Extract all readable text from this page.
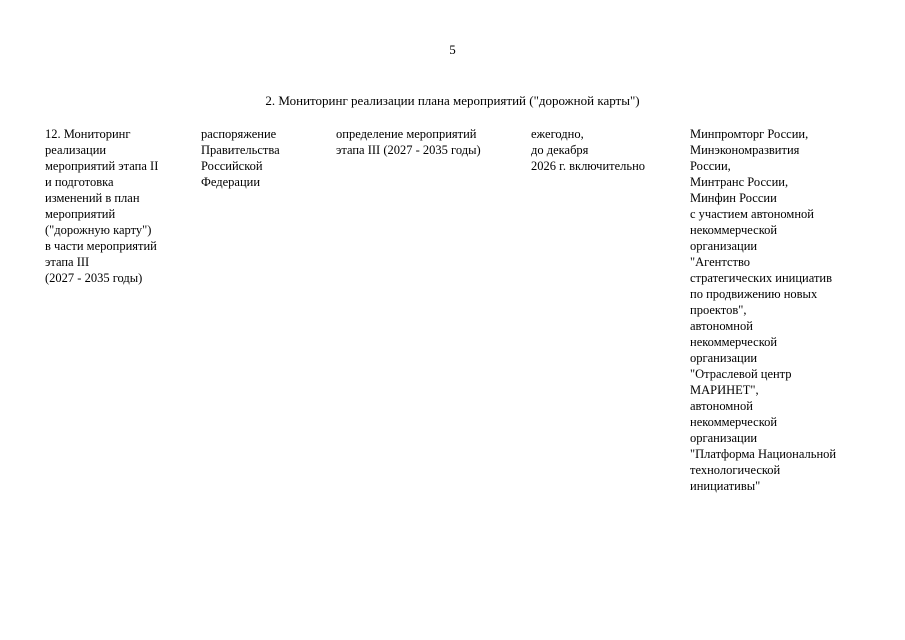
5
2. Мониторинг реализации плана мероприятий ("дорожной карты")
12. Мониторинг
реализации
мероприятий этапа II
и подготовка
изменений в план
мероприятий
("дорожную карту")
в части мероприятий
этапа III
(2027 - 2035 годы)
распоряжение
Правительства
Российской
Федерации
определение мероприятий
этапа III (2027 - 2035 годы)
ежегодно,
до декабря
2026 г. включительно
Минпромторг России,
Минэкономразвития
России,
Минтранс России,
Минфин России
с участием автономной
некоммерческой
организации
"Агентство
стратегических инициатив
по продвижению новых
проектов",
автономной
некоммерческой
организации
"Отраслевой центр
МАРИНЕТ",
автономной
некоммерческой
организации
"Платформа Национальной
технологической
инициативы"
